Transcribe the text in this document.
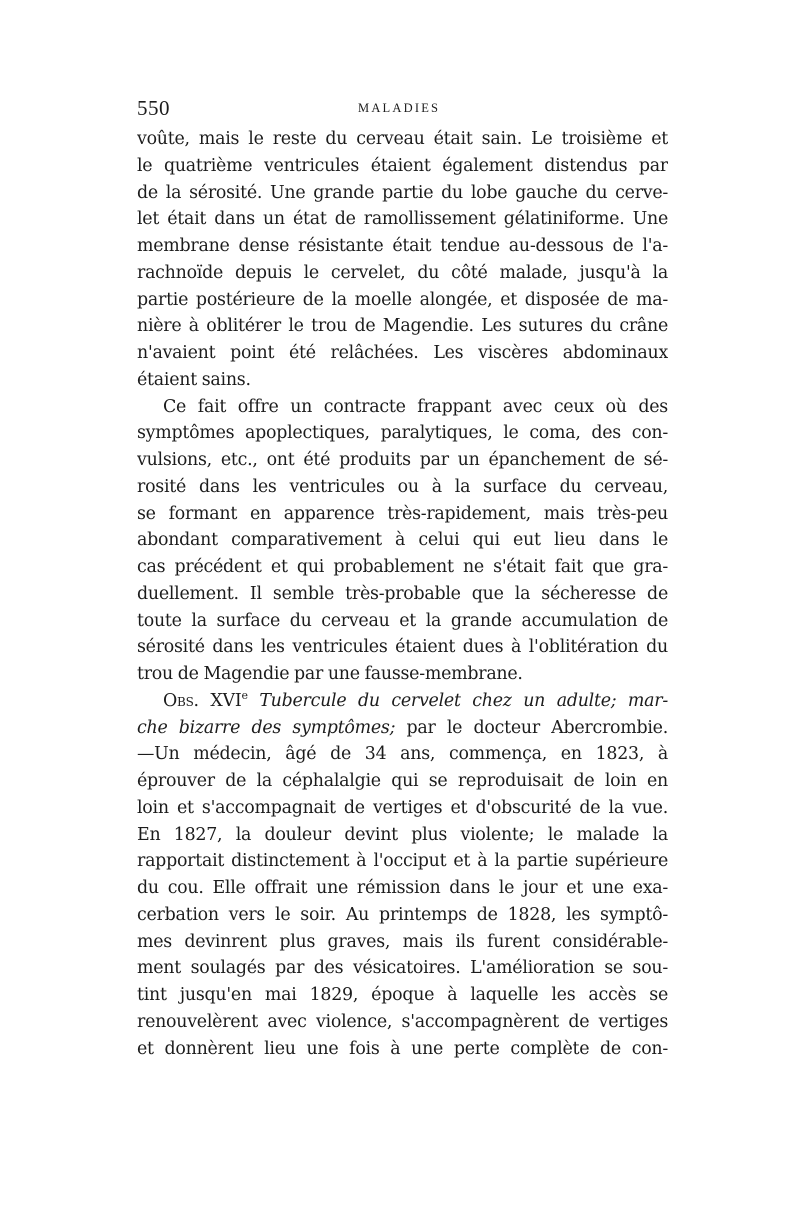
550	MALADIES
voûte, mais le reste du cerveau était sain. Le troisième et
le quatrième ventricules étaient également distendus par
de la sérosité. Une grande partie du lobe gauche du cerve-
let était dans un état de ramollissement gélatiniforme. Une
membrane dense résistante était tendue au-dessous de l'a-
rachnoïde depuis le cervelet, du côté malade, jusqu'à la
partie postérieure de la moelle alongée, et disposée de ma-
nière à oblitérer le trou de Magendie. Les sutures du crâne
n'avaient point été relâchées. Les viscères abdominaux
étaient sains.
Ce fait offre un contracte frappant avec ceux où des
symptômes apoplectiques, paralytiques, le coma, des con-
vulsions, etc., ont été produits par un épanchement de sé-
rosité dans les ventricules ou à la surface du cerveau,
se formant en apparence très-rapidement, mais très-peu
abondant comparativement à celui qui eut lieu dans le
cas précédent et qui probablement ne s'était fait que gra-
duellement. Il semble très-probable que la sécheresse de
toute la surface du cerveau et la grande accumulation de
sérosité dans les ventricules étaient dues à l'oblitération du
trou de Magendie par une fausse-membrane.
Obs. XVIe Tubercule du cervelet chez un adulte; mar-
che bizarre des symptômes; par le docteur Abercrombie.
—Un médecin, âgé de 34 ans, commença, en 1823, à
éprouver de la céphalalgie qui se reproduisait de loin en
loin et s'accompagnait de vertiges et d'obscurité de la vue.
En 1827, la douleur devint plus violente; le malade la
rapportait distinctement à l'occiput et à la partie supérieure
du cou. Elle offrait une rémission dans le jour et une exa-
cerbation vers le soir. Au printemps de 1828, les symptô-
mes devinrent plus graves, mais ils furent considérable-
ment soulagés par des vésicatoires. L'amélioration se sou-
tint jusqu'en mai 1829, époque à laquelle les accès se
renouvelèrent avec violence, s'accompagnèrent de vertiges
et donnèrent lieu une fois à une perte complète de con-
